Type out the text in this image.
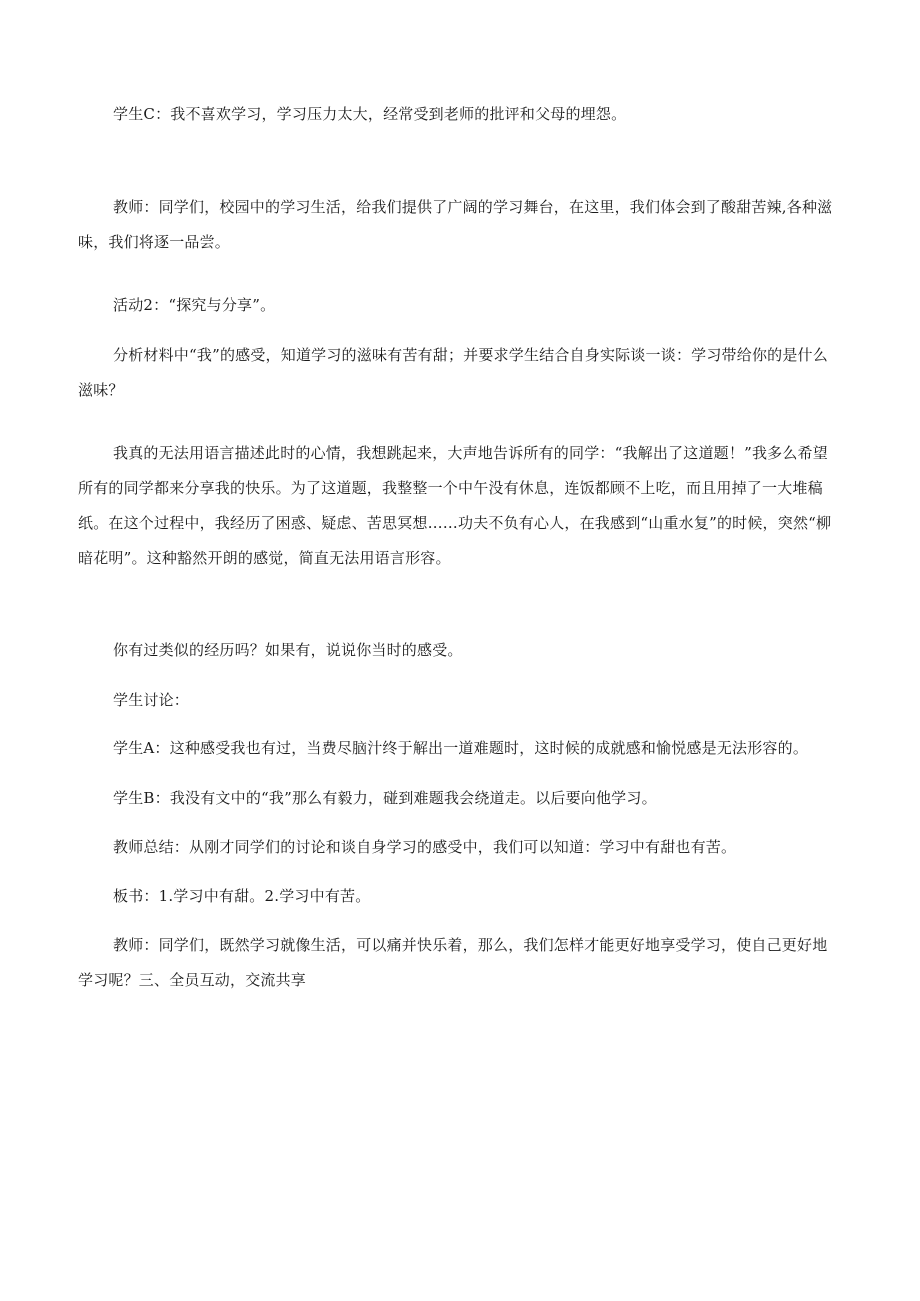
学生C：我不喜欢学习，学习压力太大，经常受到老师的批评和父母的埋怨。

教师：同学们，校园中的学习生活，给我们提供了广阔的学习舞台，在这里，我们体会到了酸甜苦辣,各种滋味，我们将逐一品尝。

活动2：“探究与分享”。

分析材料中“我”的感受，知道学习的滋味有苦有甜；并要求学生结合自身实际谈一谈：学习带给你的是什么滋味？

我真的无法用语言描述此时的心情，我想跳起来，大声地告诉所有的同学：“我解出了这道题！”我多么希望所有的同学都来分享我的快乐。为了这道题，我整整一个中午没有休息，连饭都顾不上吃，而且用掉了一大堆稿纸。在这个过程中，我经历了困惑、疑虑、苦思冥想……功夫不负有心人，在我感到“山重水复”的时候，突然“柳暗花明”。这种豁然开朗的感觉，简直无法用语言形容。

你有过类似的经历吗？如果有，说说你当时的感受。

学生讨论：

学生A：这种感受我也有过，当费尽脑汁终于解出一道难题时，这时候的成就感和愉悦感是无法形容的。

学生B：我没有文中的“我”那么有毅力，碰到难题我会绕道走。以后要向他学习。

教师总结：从刚才同学们的讨论和谈自身学习的感受中，我们可以知道：学习中有甜也有苦。

板书：1.学习中有甜。2.学习中有苦。

教师：同学们，既然学习就像生活，可以痛并快乐着，那么，我们怎样才能更好地享受学习，使自己更好地学习呢？三、全员互动，交流共享
